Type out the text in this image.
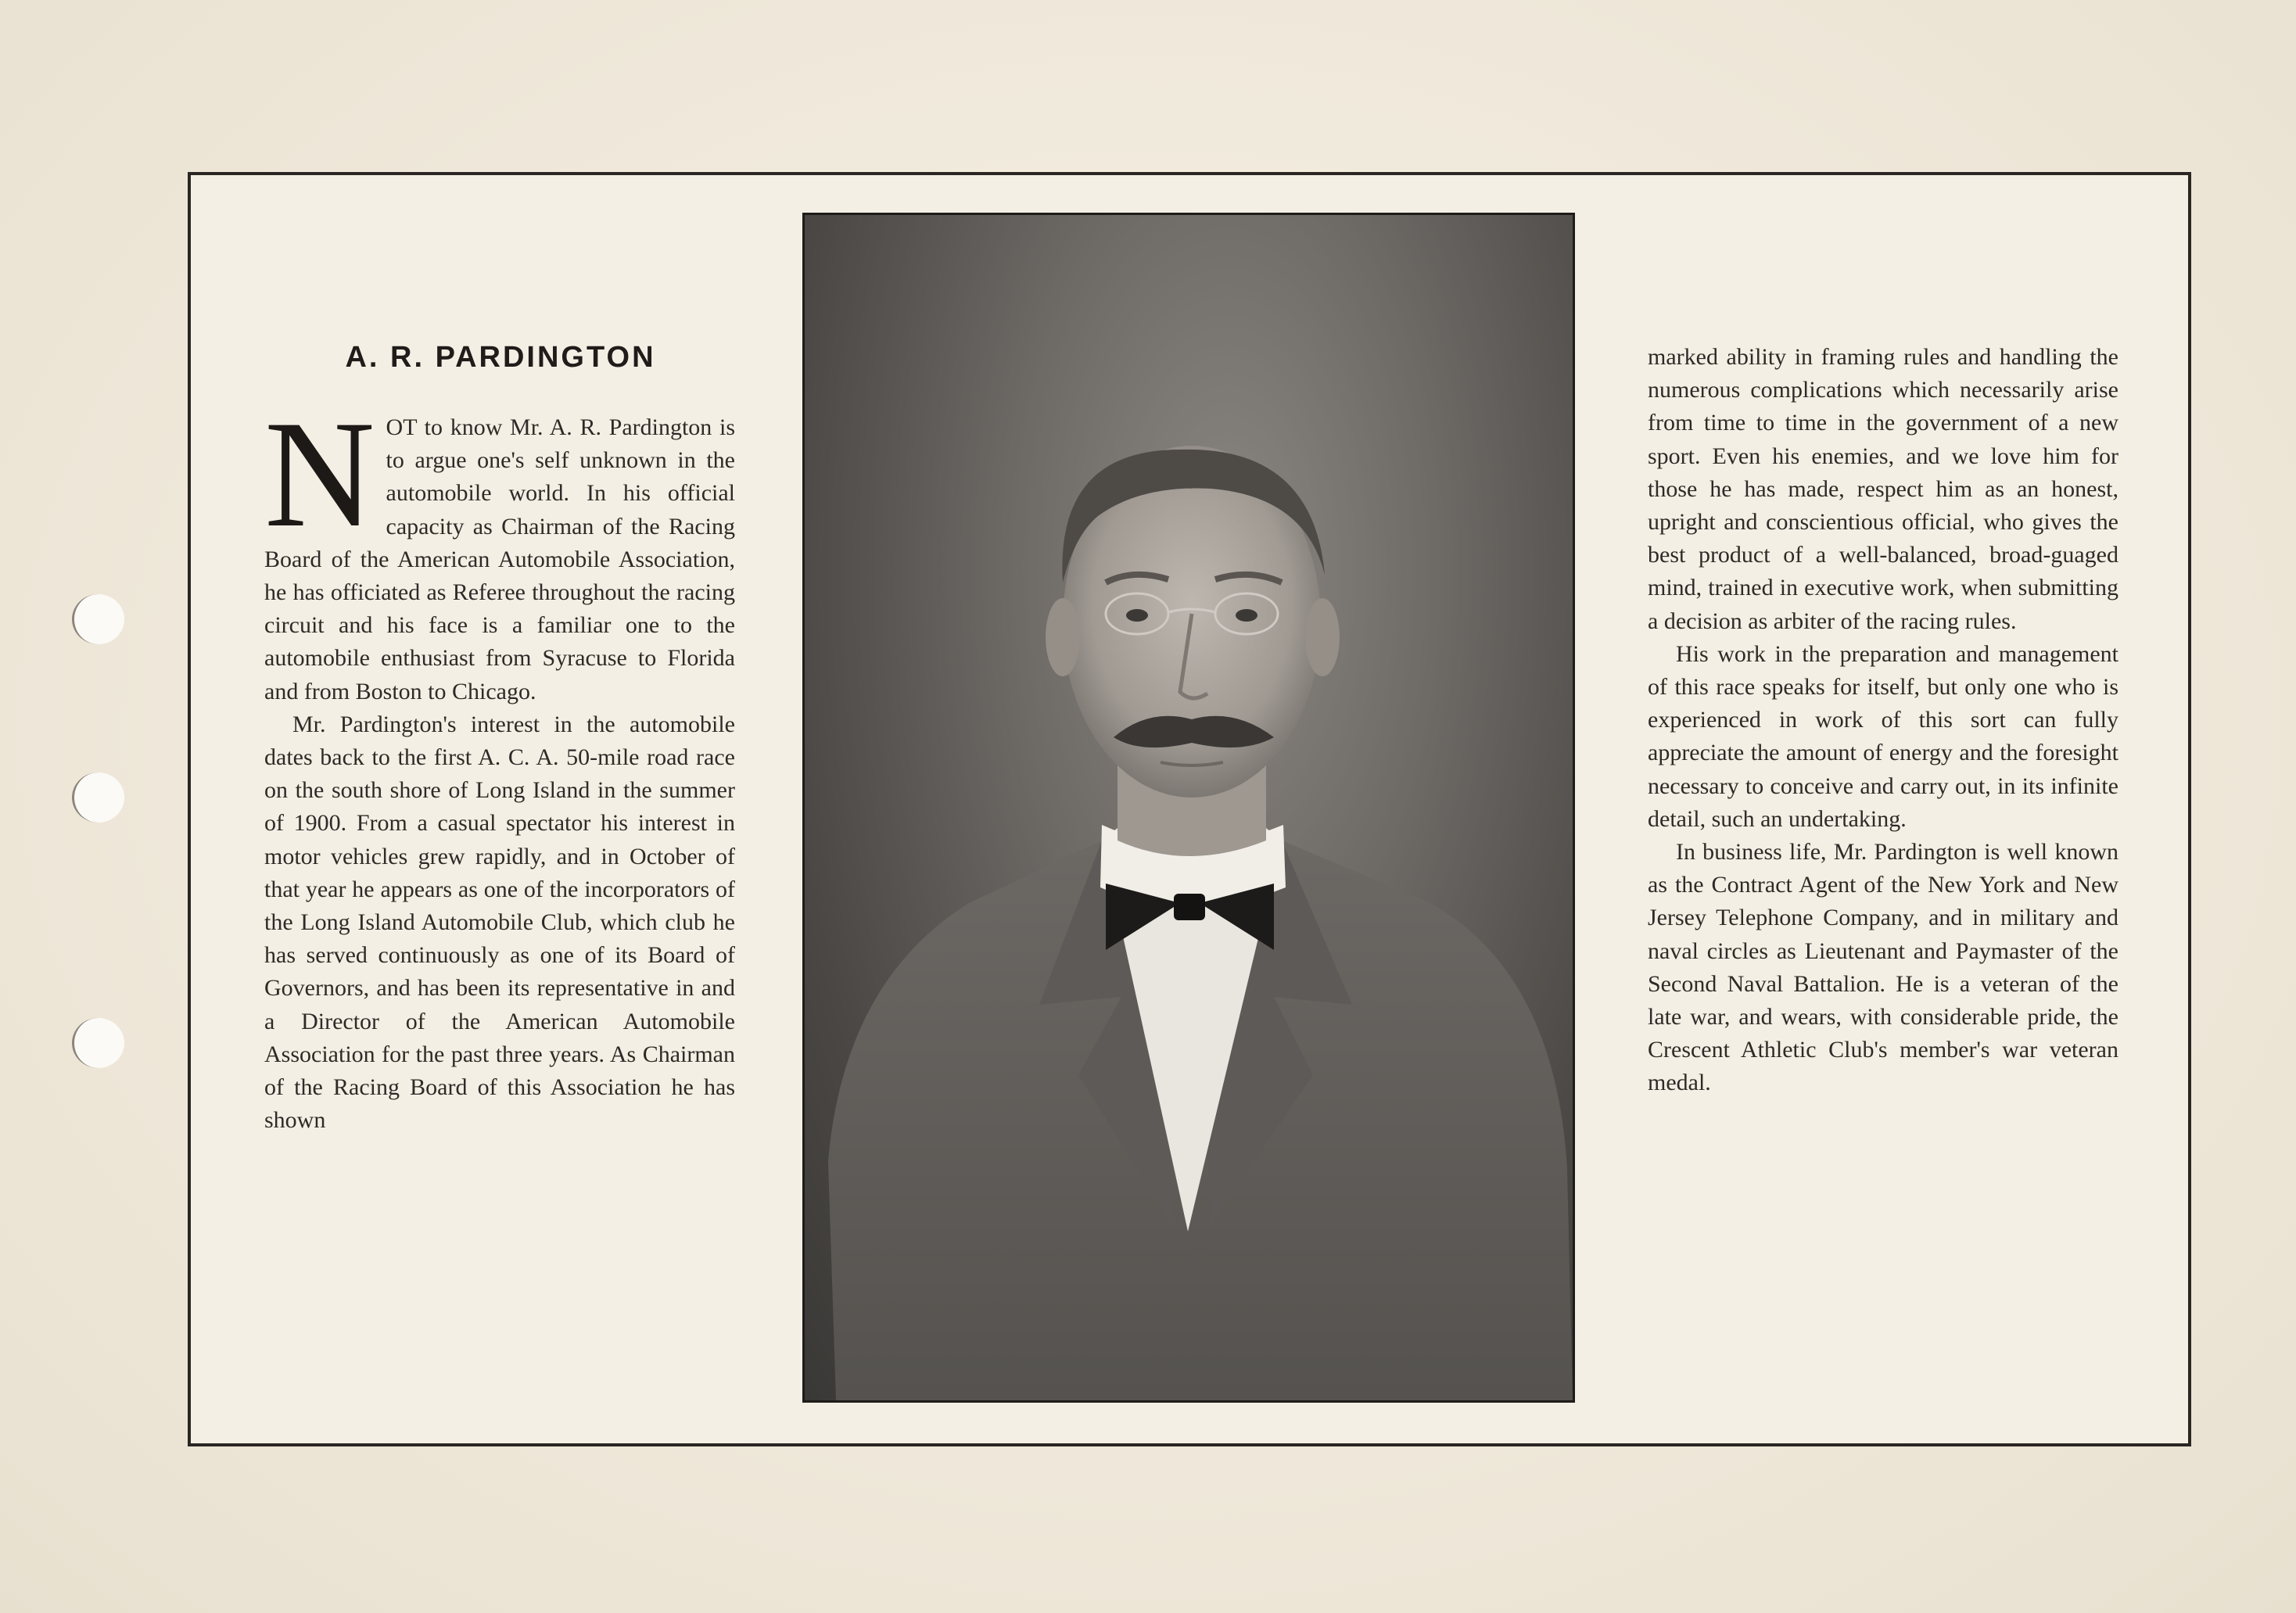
A. R. PARDINGTON

NOT to know Mr. A. R. Pardington is to argue one's self unknown in the automobile world. In his official capacity as Chairman of the Racing Board of the American Automobile Association, he has officiated as Referee throughout the racing circuit and his face is a familiar one to the automobile enthusiast from Syracuse to Florida and from Boston to Chicago.

Mr. Pardington's interest in the automobile dates back to the first A. C. A. 50-mile road race on the south shore of Long Island in the summer of 1900. From a casual spectator his interest in motor vehicles grew rapidly, and in October of that year he appears as one of the incorporators of the Long Island Automobile Club, which club he has served continuously as one of its Board of Governors, and has been its representative in and a Director of the American Automobile Association for the past three years. As Chairman of the Racing Board of this Association he has shown

marked ability in framing rules and handling the numerous complications which necessarily arise from time to time in the government of a new sport. Even his enemies, and we love him for those he has made, respect him as an honest, upright and conscientious official, who gives the best product of a well-balanced, broad-guaged mind, trained in executive work, when submitting a decision as arbiter of the racing rules.

His work in the preparation and management of this race speaks for itself, but only one who is experienced in work of this sort can fully appreciate the amount of energy and the foresight necessary to conceive and carry out, in its infinite detail, such an undertaking.

In business life, Mr. Pardington is well known as the Contract Agent of the New York and New Jersey Telephone Company, and in military and naval circles as Lieutenant and Paymaster of the Second Naval Battalion. He is a veteran of the late war, and wears, with considerable pride, the Crescent Athletic Club's member's war veteran medal.
